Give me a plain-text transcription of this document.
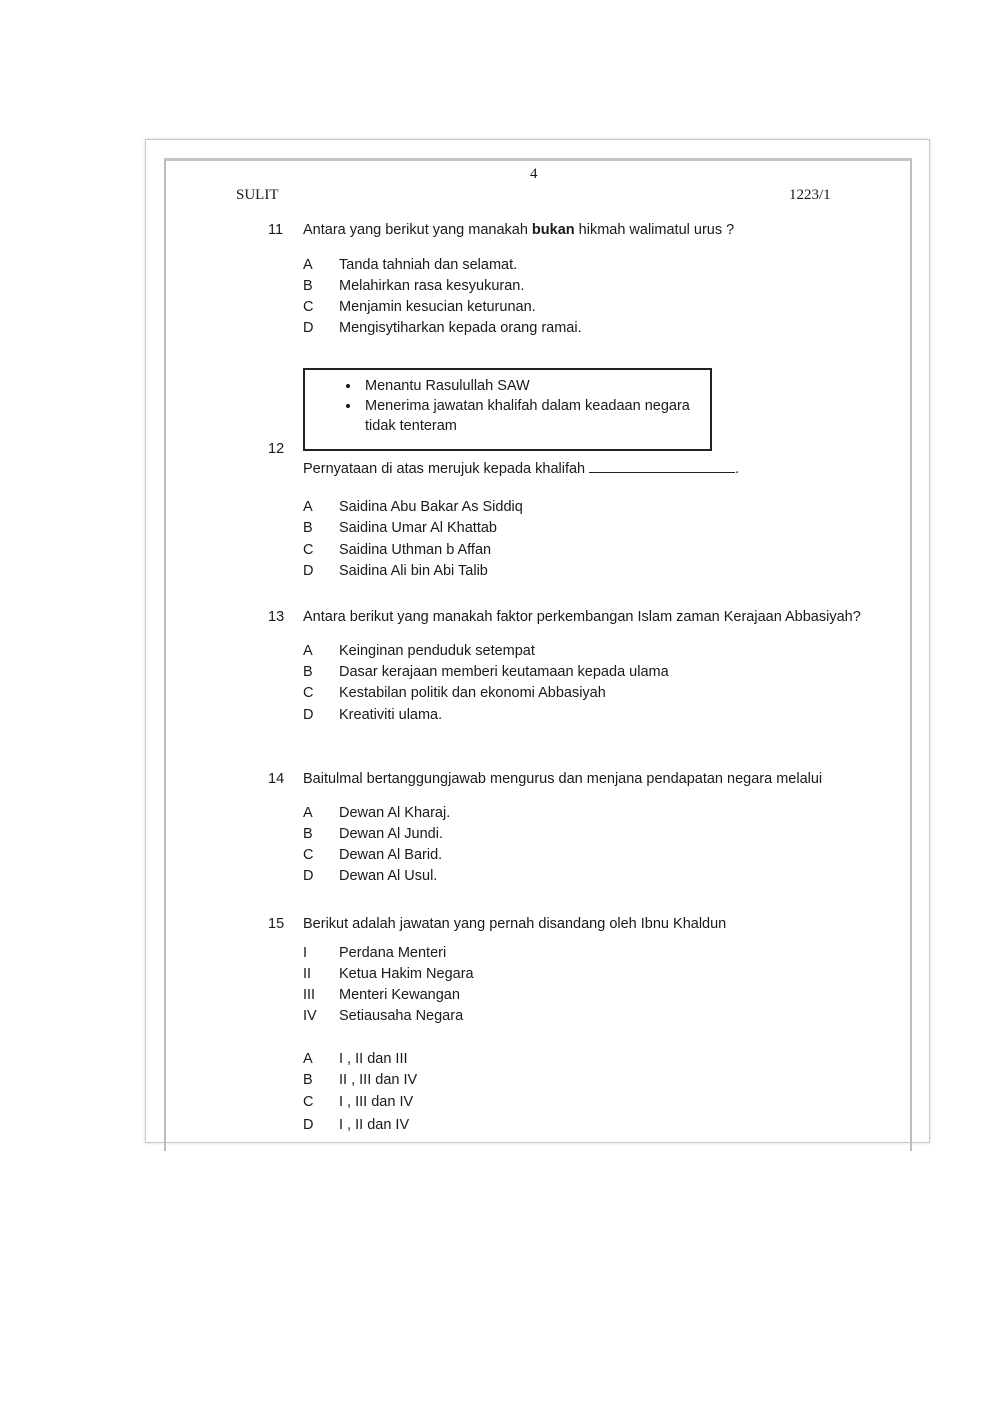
4
SULIT	1223/1
11 Antara yang berikut yang manakah bukan hikmah walimatul urus ?
A Tanda tahniah dan selamat.
B Melahirkan rasa kesyukuran.
C Menjamin kesucian keturunan.
D Mengisytiharkan kepada orang ramai.
• Menantu Rasulullah SAW
• Menerima jawatan khalifah dalam keadaan negara tidak tenteram
12
Pernyataan di atas merujuk kepada khalifah	.
A Saidina Abu Bakar As Siddiq
B Saidina Umar Al Khattab
C Saidina Uthman b Affan
D Saidina Ali bin Abi Talib
13 Antara berikut yang manakah faktor perkembangan Islam zaman Kerajaan Abbasiyah?
A Keinginan penduduk setempat
B Dasar kerajaan memberi keutamaan kepada ulama
C Kestabilan politik dan ekonomi Abbasiyah
D Kreativiti ulama.
14 Baitulmal bertanggungjawab mengurus dan menjana pendapatan negara melalui
A Dewan Al Kharaj.
B Dewan Al Jundi.
C Dewan Al Barid.
D Dewan Al Usul.
15 Berikut adalah jawatan yang pernah disandang oleh Ibnu Khaldun
I Perdana Menteri
II Ketua Hakim Negara
III Menteri Kewangan
IV Setiausaha Negara
A I , II dan III
B II , III dan IV
C I , III dan IV
D I , II dan IV
